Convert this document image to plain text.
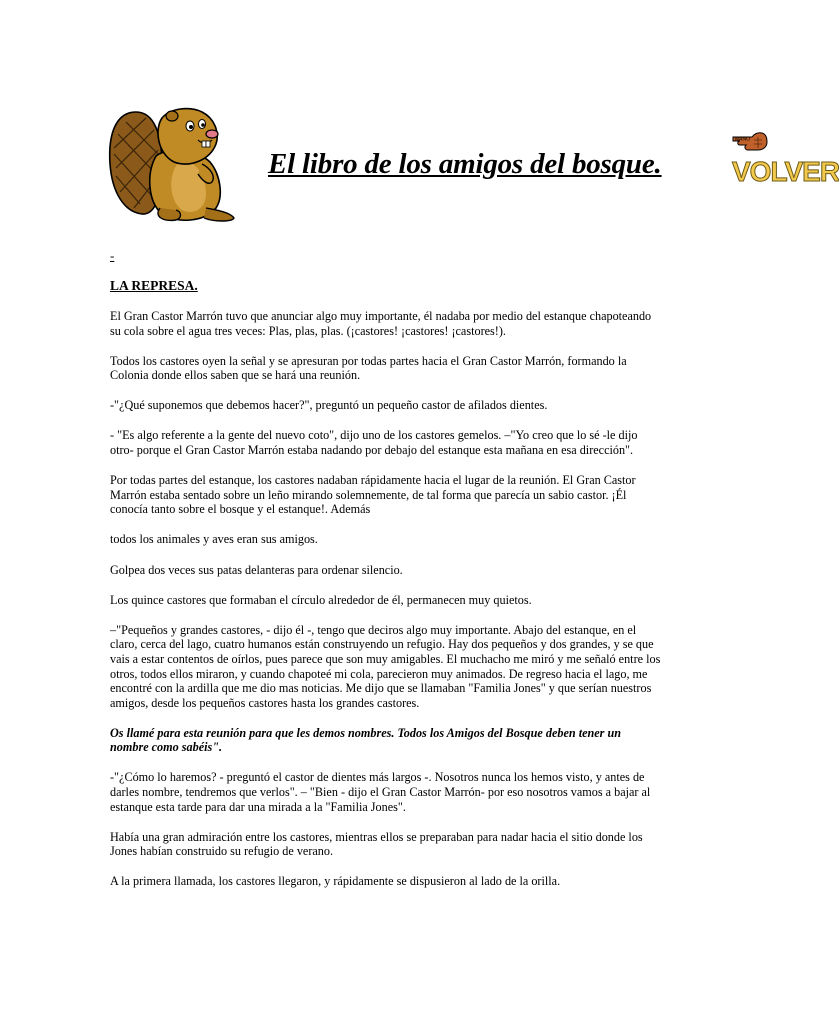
El libro de los amigos del bosque.
MANO
VOLVER
-
LA REPRESA.

El Gran Castor Marrón tuvo que anunciar algo muy importante, él nadaba por medio del estanque chapoteando su cola sobre el agua tres veces: Plas, plas, plas. (¡castores! ¡castores! ¡castores!).

Todos los castores oyen la señal y se apresuran por todas partes hacia el Gran Castor Marrón, formando la Colonia donde ellos saben que se hará una reunión.

-"¿Qué suponemos que debemos hacer?", preguntó un pequeño castor de afilados dientes.

- "Es algo referente a la gente del nuevo coto", dijo uno de los castores gemelos. –"Yo creo que lo sé -le dijo otro- porque el Gran Castor Marrón estaba nadando por debajo del estanque esta mañana en esa dirección".

Por todas partes del estanque, los castores nadaban rápidamente hacia el lugar de la reunión. El Gran Castor Marrón estaba sentado sobre un leño mirando solemnemente, de tal forma que parecía un sabio castor. ¡Él conocía tanto sobre el bosque y el estanque!. Además

todos los animales y aves eran sus amigos.

Golpea dos veces sus patas delanteras para ordenar silencio.

Los quince castores que formaban el círculo alrededor de él, permanecen muy quietos.

–"Pequeños y grandes castores, - dijo él -, tengo que deciros algo muy importante. Abajo del estanque, en el claro, cerca del lago, cuatro humanos están construyendo un refugio. Hay dos pequeños y dos grandes, y se que vais a estar contentos de oírlos, pues parece que son muy amigables. El muchacho me miró y me señaló entre los otros, todos ellos miraron, y cuando chapoteé mi cola, parecieron muy animados. De regreso hacia el lago, me encontré con la ardilla que me dio mas noticias. Me dijo que se llamaban "Familia Jones" y que serían nuestros amigos, desde los pequeños castores hasta los grandes castores.

Os llamé para esta reunión para que les demos nombres. Todos los Amigos del Bosque deben tener un nombre como sabéis".

-"¿Cómo lo haremos? - preguntó el castor de dientes más largos -. Nosotros nunca los hemos visto, y antes de darles nombre, tendremos que verlos". – "Bien - dijo el Gran Castor Marrón- por eso nosotros vamos a bajar al estanque esta tarde para dar una mirada a la "Familia Jones".

Había una gran admiración entre los castores, mientras ellos se preparaban para nadar hacia el sitio donde los Jones habían construido su refugio de verano.

A la primera llamada, los castores llegaron, y rápidamente se dispusieron al lado de la orilla.
